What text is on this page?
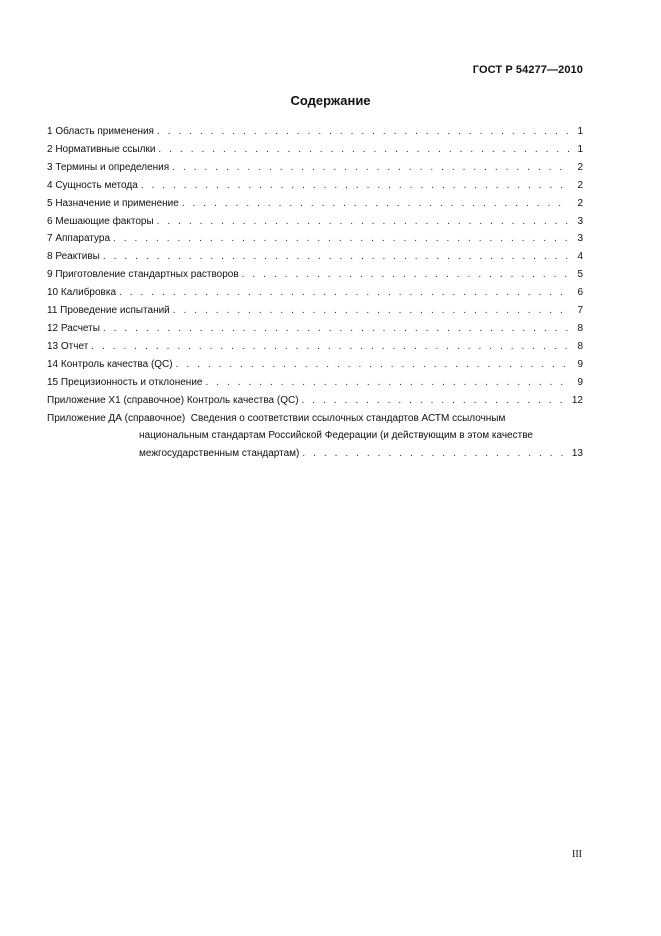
ГОСТ Р 54277—2010
Содержание
1 Область применения . . .	1
2 Нормативные ссылки . . .	1
3 Термины и определения . . .	2
4 Сущность метода . . .	2
5 Назначение и применение . . .	2
6 Мешающие факторы . . .	3
7 Аппаратура . . .	3
8 Реактивы . . .	4
9 Приготовление стандартных растворов . . .	5
10 Калибровка . . .	6
11 Проведение испытаний . . .	7
12 Расчеты . . .	8
13 Отчет . . .	8
14 Контроль качества (QC) . . .	9
15 Прецизионность и отклонение . . .	9
Приложение Х1 (справочное) Контроль качества (QC) . . .	12
Приложение ДА (справочное) Сведения о соответствии ссылочных стандартов АСТМ ссылочным
национальным стандартам Российской Федерации (и действующим в этом качестве
межгосударственным стандартам) . . .	13
III
